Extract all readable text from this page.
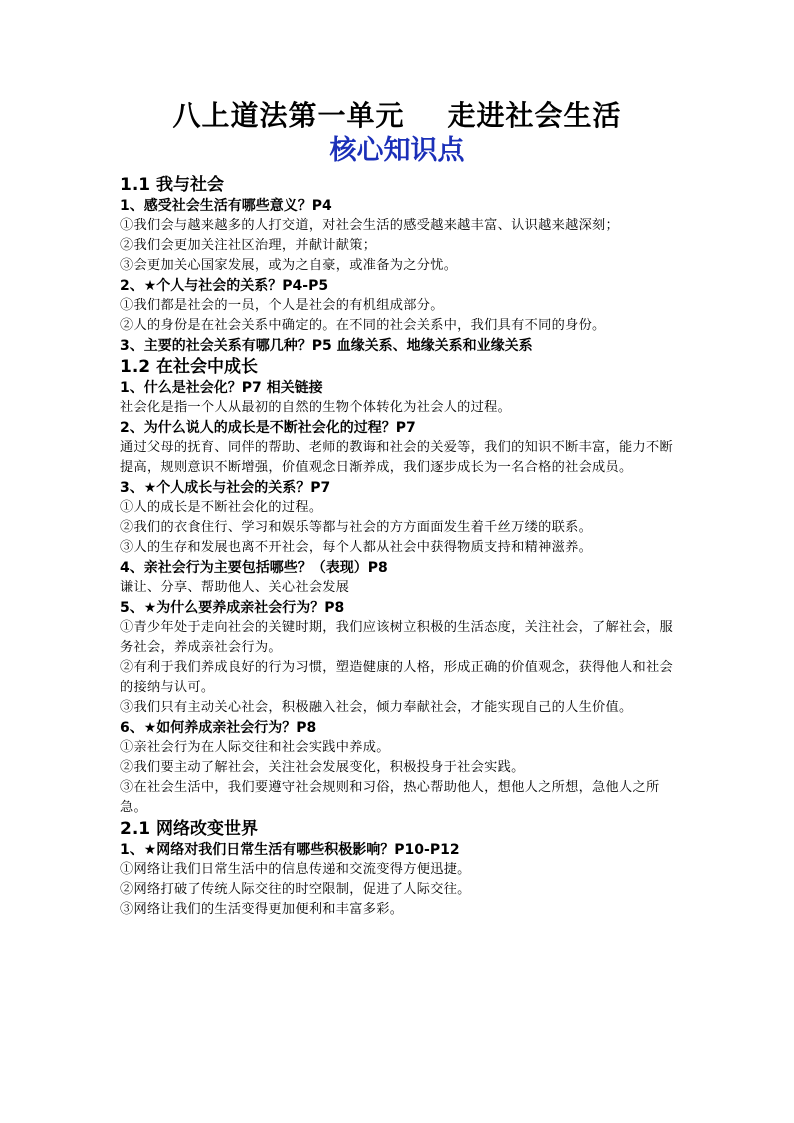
八上道法第一单元    走进社会生活
核心知识点
1.1 我与社会
1、感受社会生活有哪些意义？P4
①我们会与越来越多的人打交道，对社会生活的感受越来越丰富、认识越来越深刻；
②我们会更加关注社区治理，并献计献策；
③会更加关心国家发展，或为之自豪，或准备为之分忧。
2、★个人与社会的关系？P4-P5
①我们都是社会的一员，个人是社会的有机组成部分。
②人的身份是在社会关系中确定的。在不同的社会关系中，我们具有不同的身份。
3、主要的社会关系有哪几种？P5 血缘关系、地缘关系和业缘关系
1.2 在社会中成长
1、什么是社会化？P7 相关链接
社会化是指一个人从最初的自然的生物个体转化为社会人的过程。
2、为什么说人的成长是不断社会化的过程？P7
通过父母的抚育、同伴的帮助、老师的教诲和社会的关爱等，我们的知识不断丰富，能力不断提高，规则意识不断增强，价值观念日渐养成，我们逐步成长为一名合格的社会成员。
3、★个人成长与社会的关系？P7
①人的成长是不断社会化的过程。
②我们的衣食住行、学习和娱乐等都与社会的方方面面发生着千丝万缕的联系。
③人的生存和发展也离不开社会，每个人都从社会中获得物质支持和精神滋养。
4、亲社会行为主要包括哪些？（表现）P8
谦让、分享、帮助他人、关心社会发展
5、★为什么要养成亲社会行为？P8
①青少年处于走向社会的关键时期，我们应该树立积极的生活态度，关注社会，了解社会，服务社会，养成亲社会行为。
②有利于我们养成良好的行为习惯，塑造健康的人格，形成正确的价值观念，获得他人和社会的接纳与认可。
③我们只有主动关心社会，积极融入社会，倾力奉献社会，才能实现自己的人生价值。
6、★如何养成亲社会行为？P8
①亲社会行为在人际交往和社会实践中养成。
②我们要主动了解社会，关注社会发展变化，积极投身于社会实践。
③在社会生活中，我们要遵守社会规则和习俗，热心帮助他人，想他人之所想，急他人之所急。
2.1 网络改变世界
1、★网络对我们日常生活有哪些积极影响？P10-P12
①网络让我们日常生活中的信息传递和交流变得方便迅捷。
②网络打破了传统人际交往的时空限制，促进了人际交往。
③网络让我们的生活变得更加便利和丰富多彩。
